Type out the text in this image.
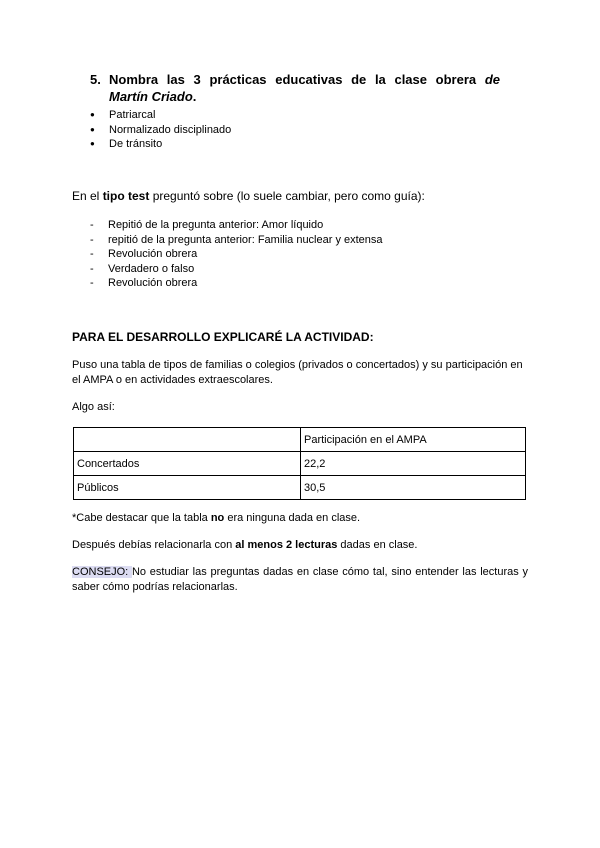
5. Nombra las 3 prácticas educativas de la clase obrera de
Martín Criado.
● Patriarcal
● Normalizado disciplinado
● De tránsito
En el tipo test preguntó sobre (lo suele cambiar, pero como guía):
- Repitió de la pregunta anterior: Amor líquido
- repitió de la pregunta anterior: Familia nuclear y extensa
- Revolución obrera
- Verdadero o falso
- Revolución obrera
PARA EL DESARROLLO EXPLICARÉ LA ACTIVIDAD:
Puso una tabla de tipos de familias o colegios (privados o concertados) y su participación en el AMPA o en actividades extraescolares.
Algo así:
	Participación en el AMPA
Concertados	22,2
Públicos	30,5
*Cabe destacar que la tabla no era ninguna dada en clase.
Después debías relacionarla con al menos 2 lecturas dadas en clase.
CONSEJO: No estudiar las preguntas dadas en clase cómo tal, sino entender las lecturas y saber cómo podrías relacionarlas.
